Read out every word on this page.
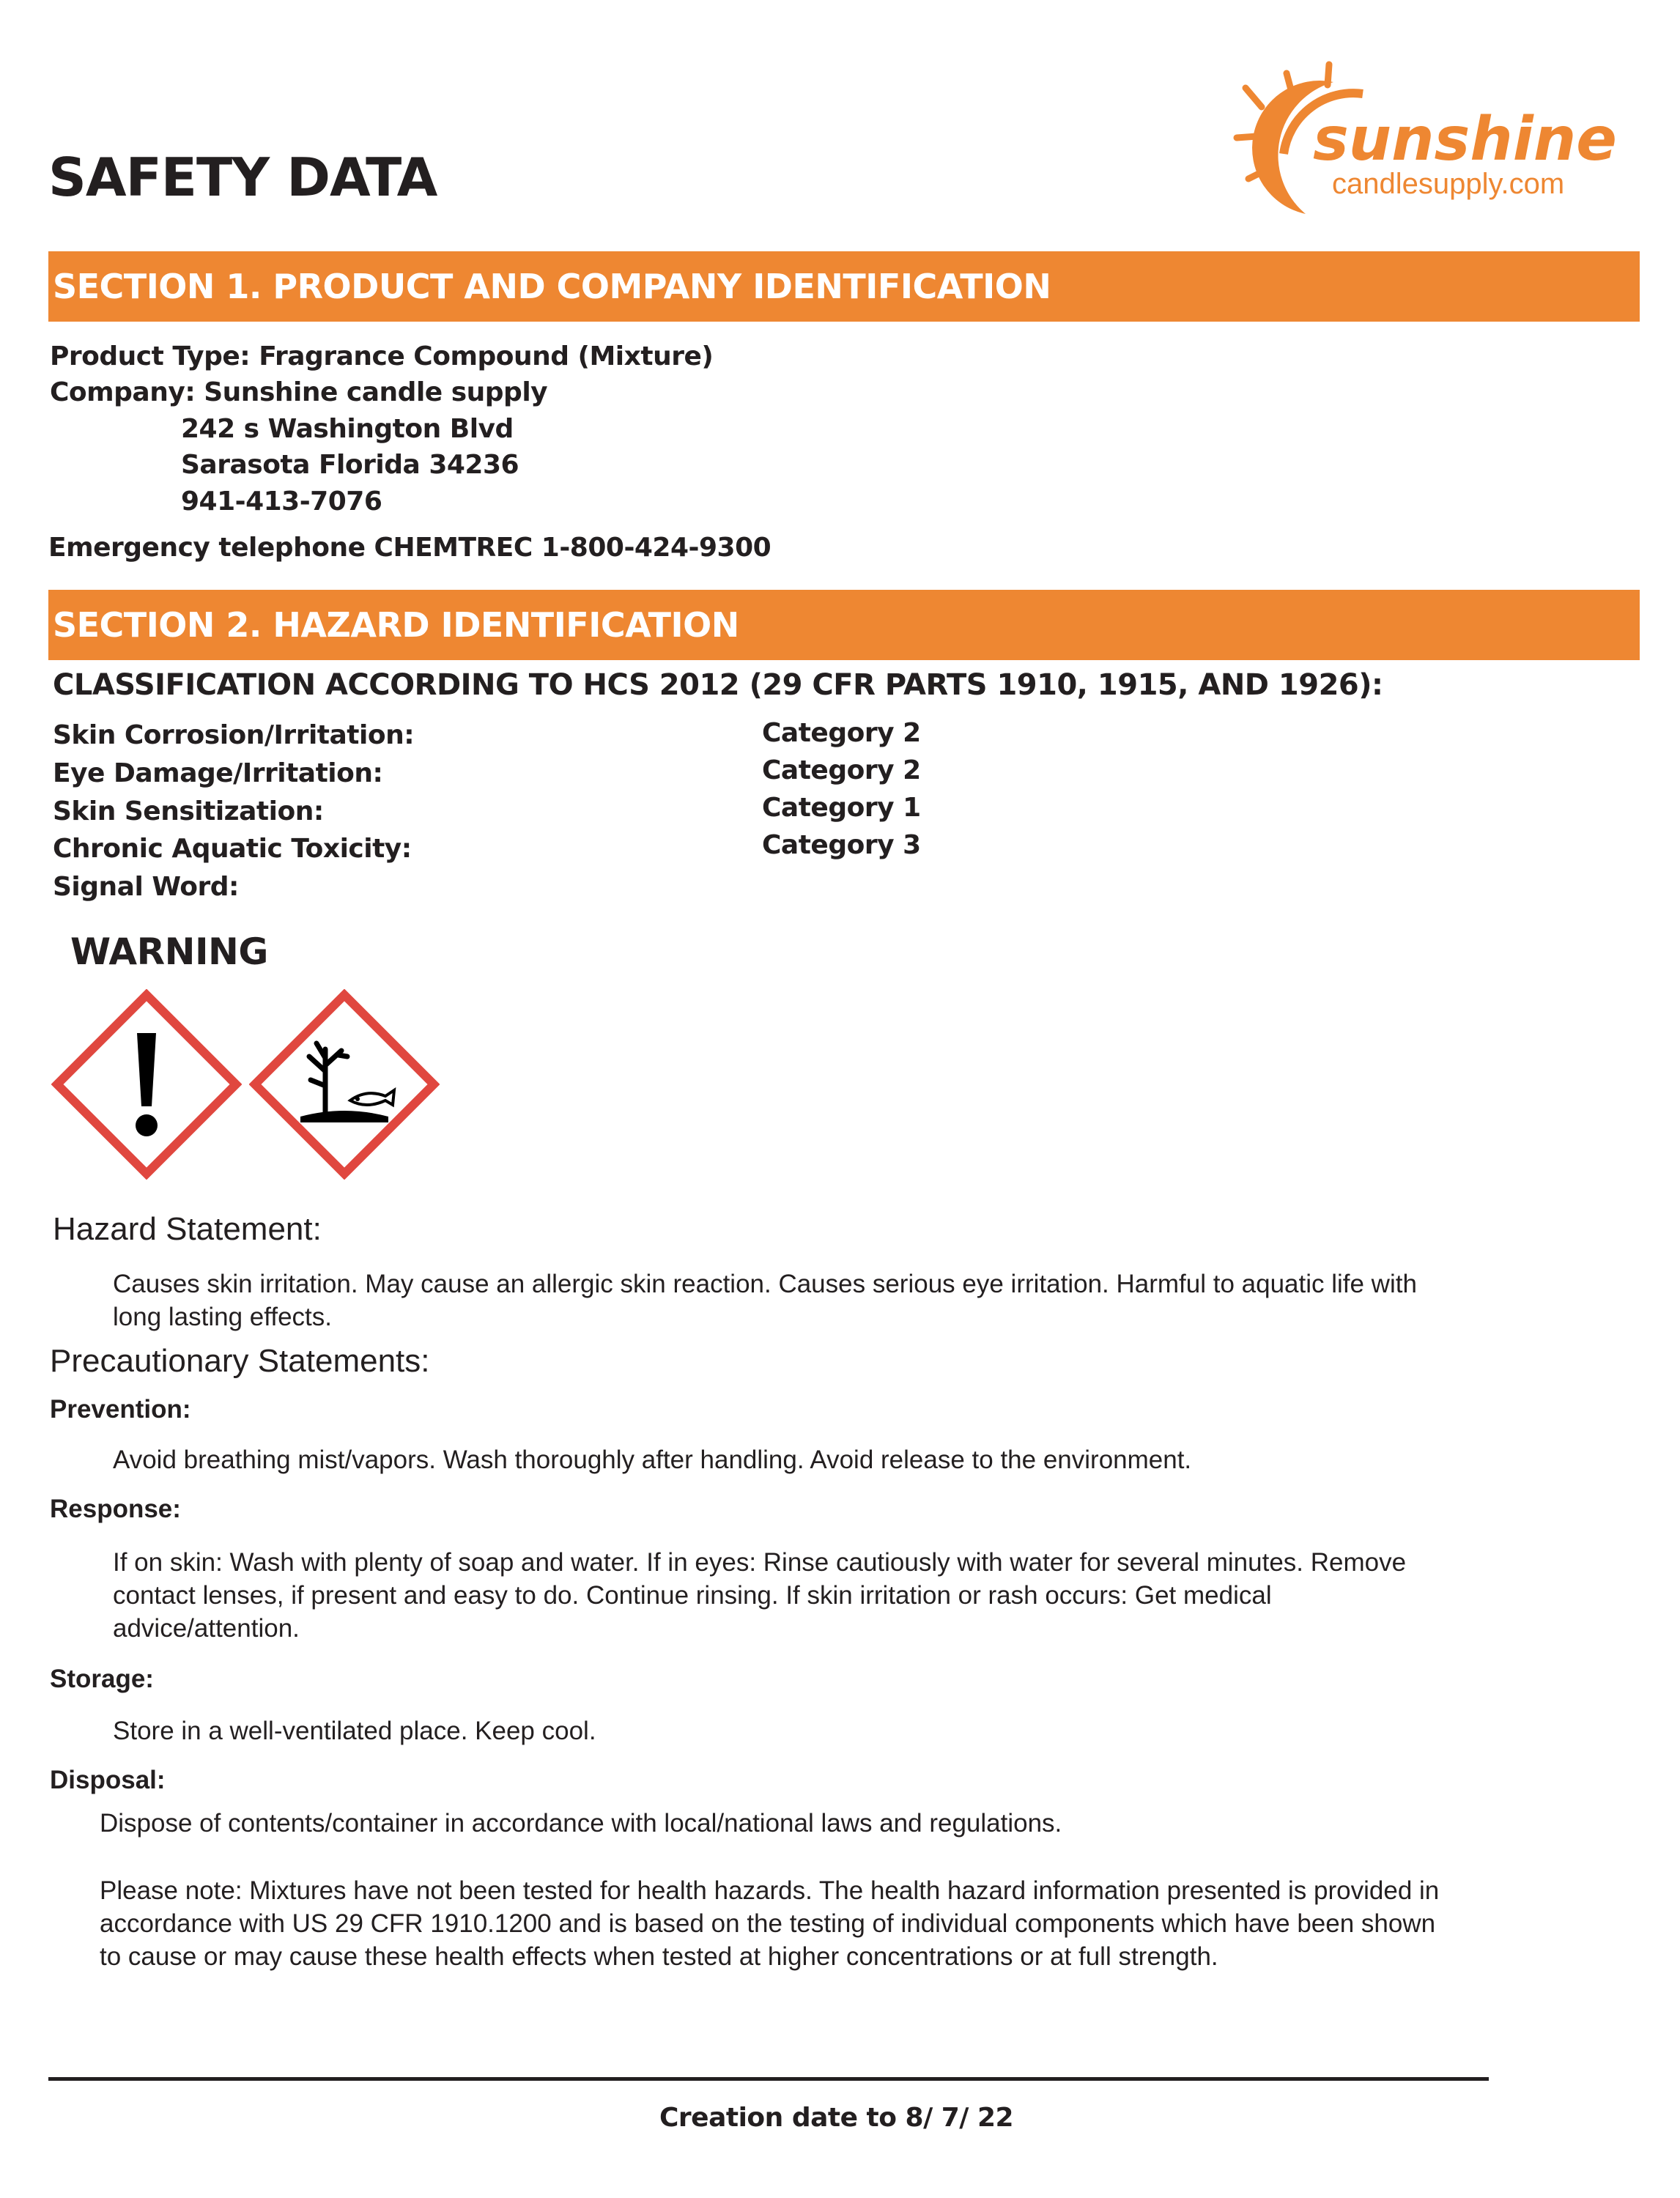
SAFETY DATA
sunshine
candlesupply.com
SECTION 1. PRODUCT AND COMPANY IDENTIFICATION
Product Type: Fragrance Compound (Mixture)
Company: Sunshine candle supply
242 s Washington Blvd
Sarasota Florida 34236
941-413-7076
Emergency telephone CHEMTREC 1-800-424-9300
SECTION 2. HAZARD IDENTIFICATION
CLASSIFICATION ACCORDING TO HCS 2012 (29 CFR PARTS 1910, 1915, AND 1926):
Skin Corrosion/Irritation:	Category 2
Eye Damage/Irritation:	Category 2
Skin Sensitization:	Category 1
Chronic Aquatic Toxicity:	Category 3
Signal Word:
WARNING
Hazard Statement:
Causes skin irritation. May cause an allergic skin reaction. Causes serious eye irritation. Harmful to aquatic life with
long lasting effects.
Precautionary Statements:
Prevention:
Avoid breathing mist/vapors. Wash thoroughly after handling. Avoid release to the environment.
Response:
If on skin: Wash with plenty of soap and water. If in eyes: Rinse cautiously with water for several minutes. Remove
contact lenses, if present and easy to do. Continue rinsing. If skin irritation or rash occurs: Get medical
advice/attention.
Storage:
Store in a well-ventilated place. Keep cool.
Disposal:
Dispose of contents/container in accordance with local/national laws and regulations.
Please note: Mixtures have not been tested for health hazards. The health hazard information presented is provided in
accordance with US 29 CFR 1910.1200 and is based on the testing of individual components which have been shown
to cause or may cause these health effects when tested at higher concentrations or at full strength.
Creation date to 8/ 7/ 22
